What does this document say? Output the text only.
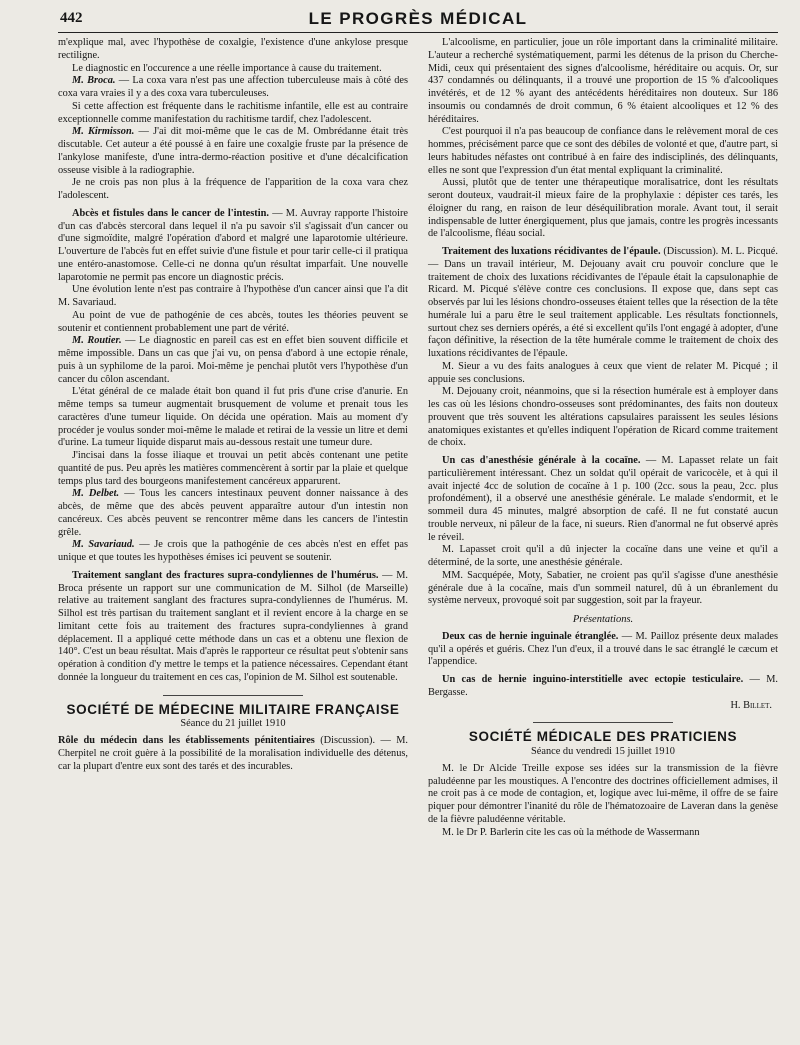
442	LE PROGRÈS MÉDICAL

m'explique mal, avec l'hypothèse de coxalgie, l'existence d'une ankylose presque rectiligne.

Le diagnostic en l'occurence a une réelle importance à cause du traitement.

M. Broca. — La coxa vara n'est pas une affection tuberculeuse mais à côté des coxa vara vraies il y a des coxa vara tuberculeuses.

Si cette affection est fréquente dans le rachitisme infantile, elle est au contraire exceptionnelle comme manifestation du rachitisme tardif, chez l'adolescent.

M. Kirmisson. — J'ai dit moi-même que le cas de M. Ombrédanne était très discutable. Cet auteur a été poussé à en faire une coxalgie fruste par la présence de l'ankylose manifeste, d'une intra-dermo-réaction positive et d'une décalcification osseuse visible à la radiographie.

Je ne crois pas non plus à la fréquence de l'apparition de la coxa vara chez l'adolescent.

Abcès et fistules dans le cancer de l'intestin. — M. Auvray rapporte l'histoire d'un cas d'abcès stercoral dans lequel il n'a pu savoir s'il s'agissait d'un cancer ou d'une sigmoïdite, malgré l'opération d'abord et malgré une laparotomie ultérieure. L'ouverture de l'abcès fut en effet suivie d'une fistule et pour tarir celle-ci il pratiqua une entéro-anastomose. Celle-ci ne donna qu'un résultat imparfait. Une nouvelle laparotomie ne permit pas encore un diagnostic précis.

Une évolution lente n'est pas contraire à l'hypothèse d'un cancer ainsi que l'a dit M. Savariaud.

Au point de vue de pathogénie de ces abcès, toutes les théories peuvent se soutenir et contiennent probablement une part de vérité.

M. Routier. — Le diagnostic en pareil cas est en effet bien souvent difficile et même impossible. Dans un cas que j'ai vu, on pensa d'abord à une ectopie rénale, puis à un syphilome de la paroi. Moi-même je penchai plutôt vers l'hypothèse d'un cancer du côlon ascendant.

L'état général de ce malade était bon quand il fut pris d'une crise d'anurie. En même temps sa tumeur augmentait brusquement de volume et prenait tous les caractères d'une tumeur liquide. On décida une opération. Mais au moment d'y procéder je voulus sonder moi-même le malade et retirai de la vessie un litre et demi d'urine. La tumeur liquide disparut mais au-dessous restait une tumeur dure.

J'incisai dans la fosse iliaque et trouvai un petit abcès contenant une petite quantité de pus. Peu après les matières commencèrent à sortir par la plaie et quelque temps plus tard des bourgeons manifestement cancéreux apparurent.

M. Delbet. — Tous les cancers intestinaux peuvent donner naissance à des abcès, de même que des abcès peuvent apparaître autour d'un intestin non cancéreux. Ces abcès peuvent se rencontrer même dans les cancers de l'intestin grêle.

M. Savariaud. — Je crois que la pathogénie de ces abcès n'est en effet pas unique et que toutes les hypothèses émises ici peuvent se soutenir.

Traitement sanglant des fractures supra-condyliennes de l'humérus. — M. Broca présente un rapport sur une communication de M. Silhol (de Marseille) relative au traitement sanglant des fractures supra-condyliennes de l'humérus. M. Silhol est très partisan du traitement sanglant et il revient encore à la charge en se limitant cette fois au traitement des fractures supra-condyliennes à grand déplacement. Il a appliqué cette méthode dans un cas et a obtenu une flexion de 140°. C'est un beau résultat. Mais d'après le rapporteur ce résultat peut s'obtenir sans opération à condition d'y mettre le temps et la patience nécessaires. Cependant étant donnée la longueur du traitement en ces cas, l'opinion de M. Silhol est soutenable.

SOCIÉTÉ DE MÉDECINE MILITAIRE FRANÇAISE
Séance du 21 juillet 1910

Rôle du médecin dans les établissements pénitentiaires (Discussion). — M. Cherpitel ne croit guère à la possibilité de la moralisation individuelle des détenus, car la plupart d'entre eux sont des tarés et des incurables.

L'alcoolisme, en particulier, joue un rôle important dans la criminalité militaire. L'auteur a recherché systématiquement, parmi les détenus de la prison du Cherche-Midi, ceux qui présentaient des signes d'alcoolisme, héréditaire ou acquis. Or, sur 437 condamnés ou délinquants, il a trouvé une proportion de 15 % d'alcooliques invétérés, et de 12 % ayant des antécédents héréditaires non douteux. Sur 186 insoumis ou condamnés de droit commun, 6 % étaient alcooliques et 12 % des héréditaires.

C'est pourquoi il n'a pas beaucoup de confiance dans le relèvement moral de ces hommes, précisément parce que ce sont des débiles de volonté et que, d'autre part, si leurs habitudes néfastes ont contribué à en faire des indisciplinés, des délinquants, elles ne sont que l'expression d'un état mental expliquant la criminalité.

Aussi, plutôt que de tenter une thérapeutique moralisatrice, dont les résultats seront douteux, vaudrait-il mieux faire de la prophylaxie : dépister ces tarés, les éloigner du rang, en raison de leur déséquilibration morale. Avant tout, il serait indispensable de lutter énergiquement, plus que jamais, contre les progrès incessants de l'alcoolisme, fléau social.

Traitement des luxations récidivantes de l'épaule. (Discussion). M. L. Picqué. — Dans un travail intérieur, M. Dejouany avait cru pouvoir conclure que le traitement de choix des luxations récidivantes de l'épaule était la capsulonaphie de Ricard. M. Picqué s'élève contre ces conclusions. Il expose que, dans sept cas observés par lui les lésions chondro-osseuses étaient telles que la résection de la tête humérale lui a paru être le seul traitement applicable. Les résultats fonctionnels, surtout chez ses derniers opérés, a été si excellent qu'ils l'ont engagé à adopter, d'une façon définitive, la résection de la tête humérale comme le traitement de choix des luxations récidivantes de l'épaule.

M. Sieur a vu des faits analogues à ceux que vient de relater M. Picqué ; il appuie ses conclusions.

M. Dejouany croit, néanmoins, que si la résection humérale est à employer dans les cas où les lésions chondro-osseuses sont prédominantes, des faits non douteux prouvent que très souvent les altérations capsulaires paraissent les seules lésions anatomiques existantes et qu'elles indiquent l'opération de Ricard comme traitement de choix.

Un cas d'anesthésie générale à la cocaïne. — M. Lapasset relate un fait particulièrement intéressant. Chez un soldat qu'il opérait de varicocèle, et à qui il avait injecté 4cc de solution de cocaïne à 1 p. 100 (2cc. sous la peau, 2cc. plus profondément), il a observé une anesthésie générale. Le malade s'endormit, et le sommeil dura 45 minutes, malgré absorption de café. Il ne fut constaté aucun trouble nerveux, ni pâleur de la face, ni sueurs. Rien d'anormal ne fut observé après le réveil.

M. Lapasset croit qu'il a dû injecter la cocaïne dans une veine et qu'il a déterminé, de la sorte, une anesthésie générale.

MM. Sacquépée, Moty, Sabatier, ne croient pas qu'il s'agisse d'une anesthésie générale due à la cocaïne, mais d'un sommeil naturel, dû à un ébranlement du système nerveux, provoqué soit par suggestion, soit par la frayeur.

Présentations.

Deux cas de hernie inguinale étranglée. — M. Pailloz présente deux malades qu'il a opérés et guéris. Chez l'un d'eux, il a trouvé dans le sac étranglé le cæcum et l'appendice.

Un cas de hernie inguino-interstitielle avec ectopie testiculaire. — M. Bergasse.

H. Billet.
SOCIÉTÉ MÉDICALE DES PRATICIENS
Séance du vendredi 15 juillet 1910

M. le Dr Alcide Treille expose ses idées sur la transmission de la fièvre paludéenne par les moustiques. A l'encontre des doctrines officiellement admises, il ne croit pas à ce mode de contagion, et, logique avec lui-même, il offre de se faire piquer pour démontrer l'inanité du rôle de l'hématozoaire de Laveran dans la genèse de la fièvre paludéenne véritable.

M. le Dr P. Barlerin cite les cas où la méthode de Wassermann
